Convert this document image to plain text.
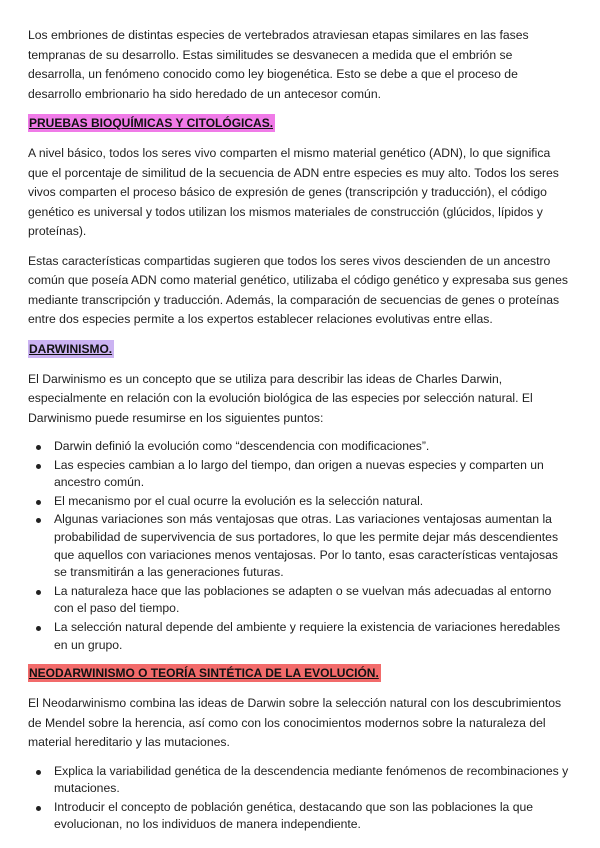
Los embriones de distintas especies de vertebrados atraviesan etapas similares en las fases tempranas de su desarrollo. Estas similitudes se desvanecen a medida que el embrión se desarrolla, un fenómeno conocido como ley biogenética. Esto se debe a que el proceso de desarrollo embrionario ha sido heredado de un antecesor común.

PRUEBAS BIOQUÍMICAS Y CITOLÓGICAS.

A nivel básico, todos los seres vivo comparten el mismo material genético (ADN), lo que significa que el porcentaje de similitud de la secuencia de ADN entre especies es muy alto. Todos los seres vivos comparten el proceso básico de expresión de genes (transcripción y traducción), el código genético es universal y todos utilizan los mismos materiales de construcción (glúcidos, lípidos y proteínas).

Estas características compartidas sugieren que todos los seres vivos descienden de un ancestro común que poseía ADN como material genético, utilizaba el código genético y expresaba sus genes mediante transcripción y traducción. Además, la comparación de secuencias de genes o proteínas entre dos especies permite a los expertos establecer relaciones evolutivas entre ellas.

DARWINISMO.

El Darwinismo es un concepto que se utiliza para describir las ideas de Charles Darwin, especialmente en relación con la evolución biológica de las especies por selección natural. El Darwinismo puede resumirse en los siguientes puntos:

Darwin definió la evolución como “descendencia con modificaciones”.
Las especies cambian a lo largo del tiempo, dan origen a nuevas especies y comparten un ancestro común.
El mecanismo por el cual ocurre la evolución es la selección natural.
Algunas variaciones son más ventajosas que otras. Las variaciones ventajosas aumentan la probabilidad de supervivencia de sus portadores, lo que les permite dejar más descendientes que aquellos con variaciones menos ventajosas. Por lo tanto, esas características ventajosas se transmitirán a las generaciones futuras.
La naturaleza hace que las poblaciones se adapten o se vuelvan más adecuadas al entorno con el paso del tiempo.
La selección natural depende del ambiente y requiere la existencia de variaciones heredables en un grupo.
NEODARWINISMO O TEORÍA SINTÉTICA DE LA EVOLUCIÓN.

El Neodarwinismo combina las ideas de Darwin sobre la selección natural con los descubrimientos de Mendel sobre la herencia, así como con los conocimientos modernos sobre la naturaleza del material hereditario y las mutaciones.

Explica la variabilidad genética de la descendencia mediante fenómenos de recombinaciones y mutaciones.
Introducir el concepto de población genética, destacando que son las poblaciones la que evolucionan, no los individuos de manera independiente.
